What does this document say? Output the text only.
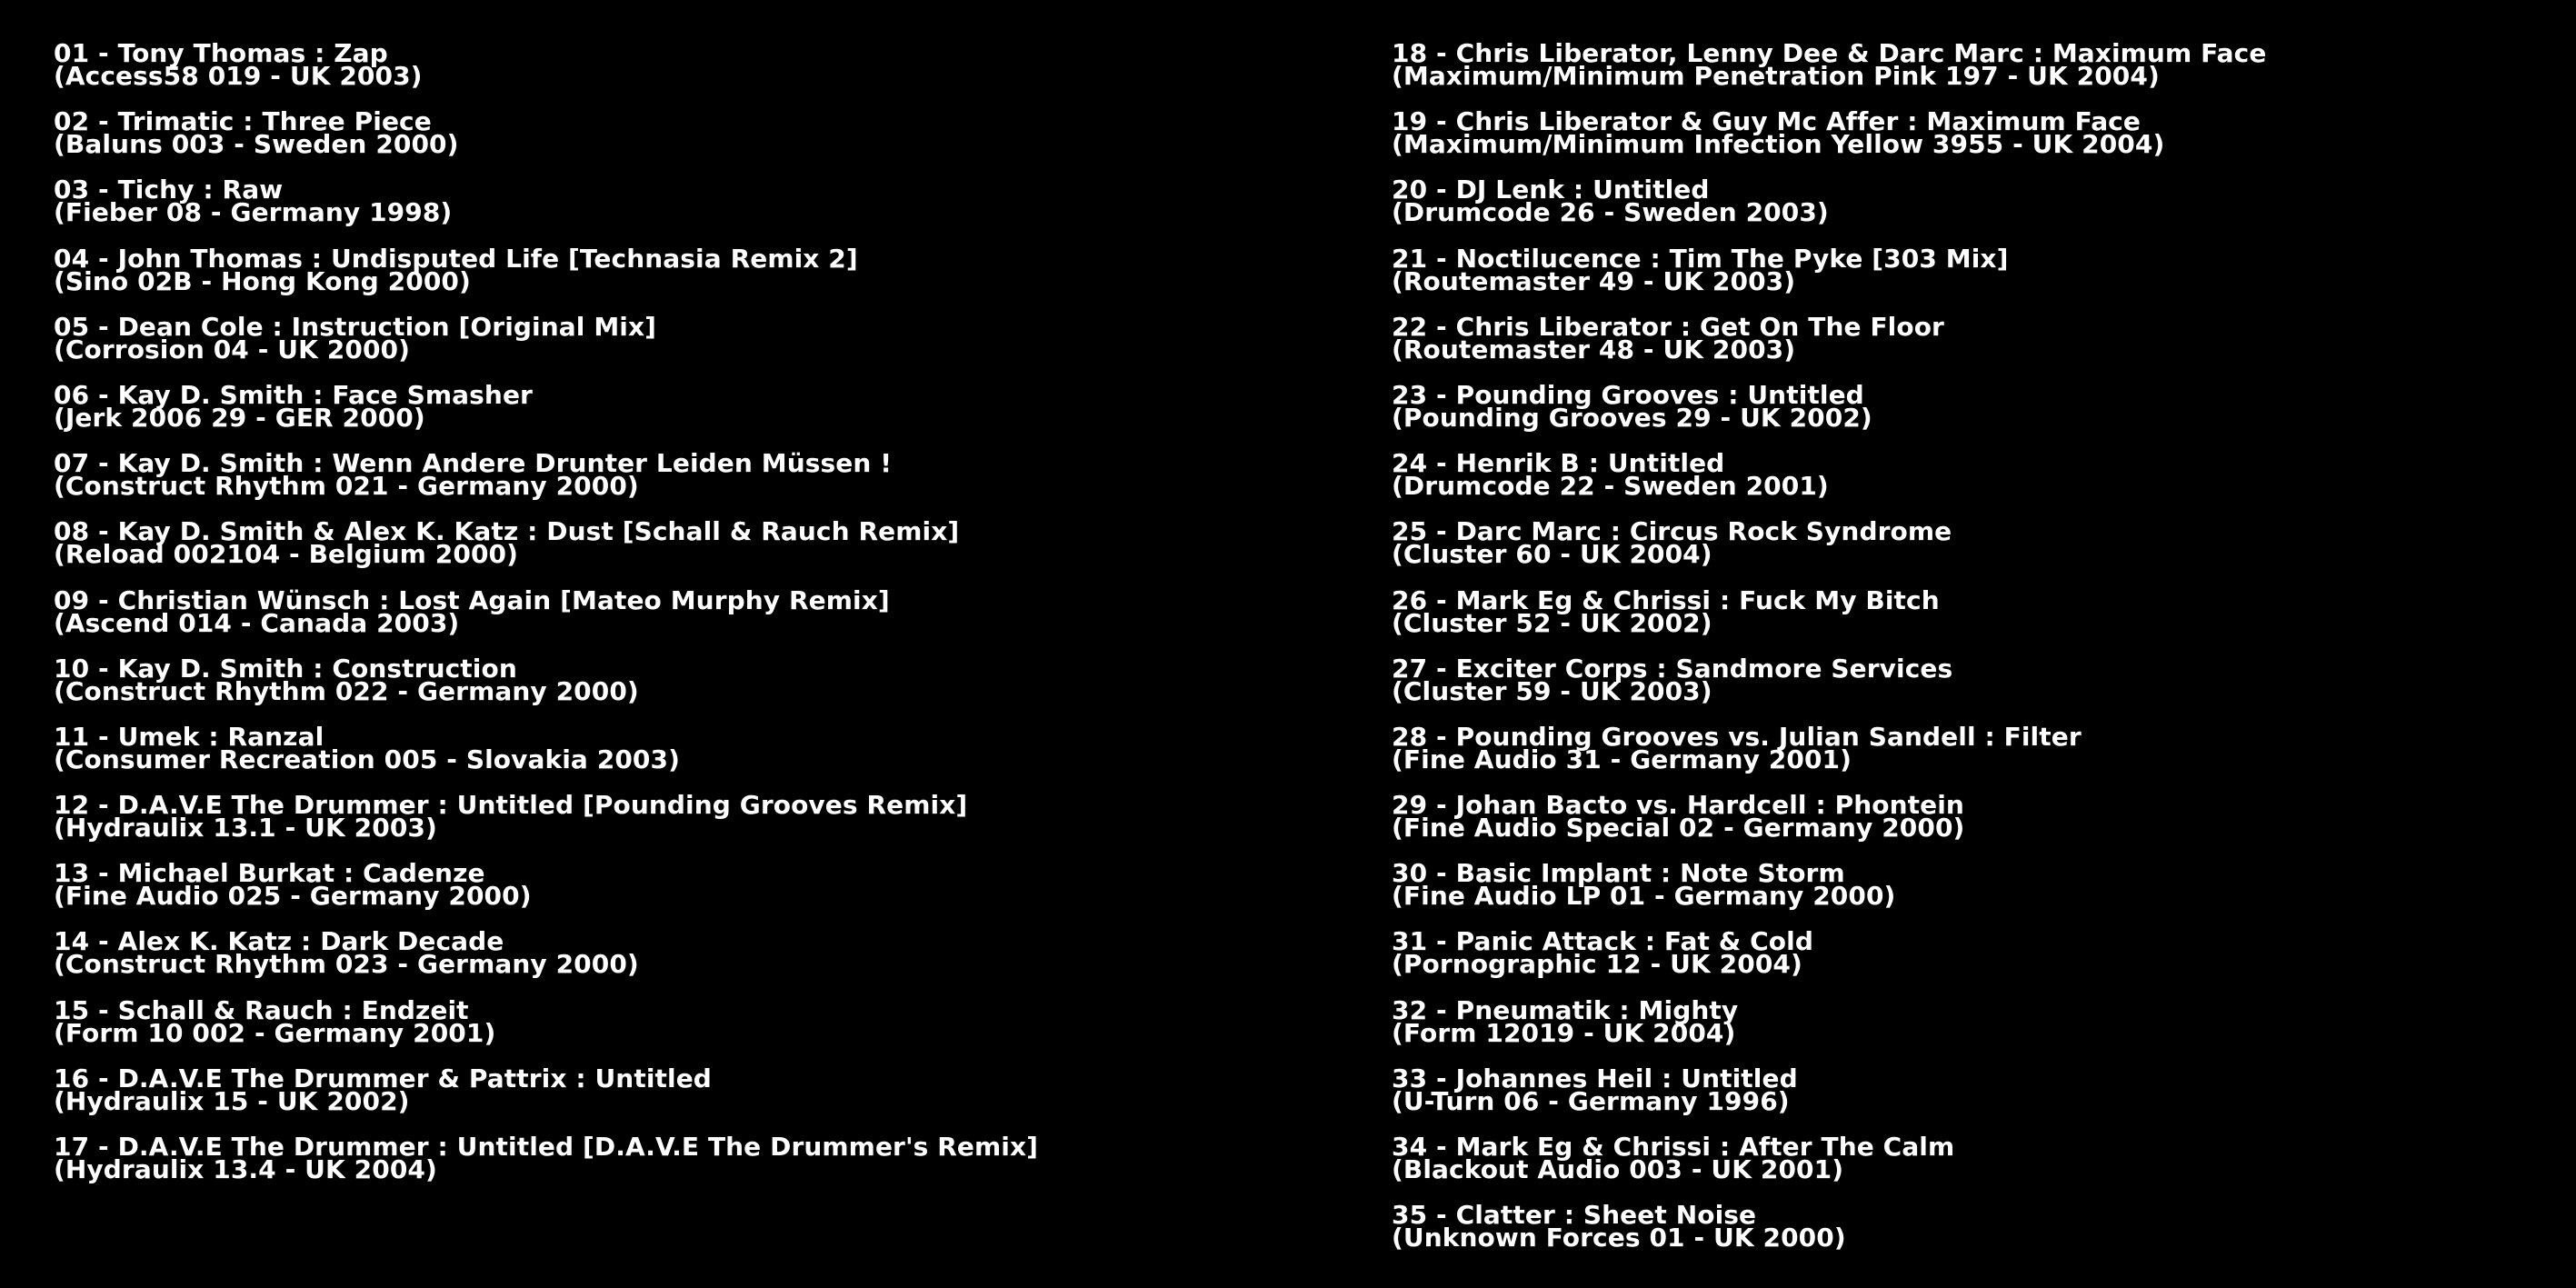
01 - Tony Thomas : Zap
(Access58 019 - UK 2003)
02 - Trimatic : Three Piece
(Baluns 003 - Sweden 2000)
03 - Tichy : Raw
(Fieber 08 - Germany 1998)
04 - John Thomas : Undisputed Life [Technasia Remix 2]
(Sino 02B - Hong Kong 2000)
05 - Dean Cole : Instruction [Original Mix]
(Corrosion 04 - UK 2000)
06 - Kay D. Smith : Face Smasher
(Jerk 2006 29 - GER 2000)
07 - Kay D. Smith : Wenn Andere Drunter Leiden Müssen !
(Construct Rhythm 021 - Germany 2000)
08 - Kay D. Smith & Alex K. Katz : Dust [Schall & Rauch Remix]
(Reload 002104 - Belgium 2000)
09 - Christian Wünsch : Lost Again [Mateo Murphy Remix]
(Ascend 014 - Canada 2003)
10 - Kay D. Smith : Construction
(Construct Rhythm 022 - Germany 2000)
11 - Umek : Ranzal
(Consumer Recreation 005 - Slovakia 2003)
12 - D.A.V.E The Drummer : Untitled [Pounding Grooves Remix]
(Hydraulix 13.1 - UK 2003)
13 - Michael Burkat : Cadenze
(Fine Audio 025 - Germany 2000)
14 - Alex K. Katz : Dark Decade
(Construct Rhythm 023 - Germany 2000)
15 - Schall & Rauch : Endzeit
(Form 10 002 - Germany 2001)
16 - D.A.V.E The Drummer & Pattrix : Untitled
(Hydraulix 15 - UK 2002)
17 - D.A.V.E The Drummer : Untitled [D.A.V.E The Drummer's Remix]
(Hydraulix 13.4 - UK 2004)
18 - Chris Liberator, Lenny Dee & Darc Marc : Maximum Face
(Maximum/Minimum Penetration Pink 197 - UK 2004)
19 - Chris Liberator & Guy Mc Affer : Maximum Face
(Maximum/Minimum Infection Yellow 3955 - UK 2004)
20 - DJ Lenk : Untitled
(Drumcode 26 - Sweden 2003)
21 - Noctilucence : Tim The Pyke [303 Mix]
(Routemaster 49 - UK 2003)
22 - Chris Liberator : Get On The Floor
(Routemaster 48 - UK 2003)
23 - Pounding Grooves : Untitled
(Pounding Grooves 29 - UK 2002)
24 - Henrik B : Untitled
(Drumcode 22 - Sweden 2001)
25 - Darc Marc : Circus Rock Syndrome
(Cluster 60 - UK 2004)
26 - Mark Eg & Chrissi : Fuck My Bitch
(Cluster 52 - UK 2002)
27 - Exciter Corps : Sandmore Services
(Cluster 59 - UK 2003)
28 - Pounding Grooves vs. Julian Sandell : Filter
(Fine Audio 31 - Germany 2001)
29 - Johan Bacto vs. Hardcell : Phontein
(Fine Audio Special 02 - Germany 2000)
30 - Basic Implant : Note Storm
(Fine Audio LP 01 - Germany 2000)
31 - Panic Attack : Fat & Cold
(Pornographic 12 - UK 2004)
32 - Pneumatik : Mighty
(Form 12019 - UK 2004)
33 - Johannes Heil : Untitled
(U-Turn 06 - Germany 1996)
34 - Mark Eg & Chrissi : After The Calm
(Blackout Audio 003 - UK 2001)
35 - Clatter : Sheet Noise
(Unknown Forces 01 - UK 2000)
